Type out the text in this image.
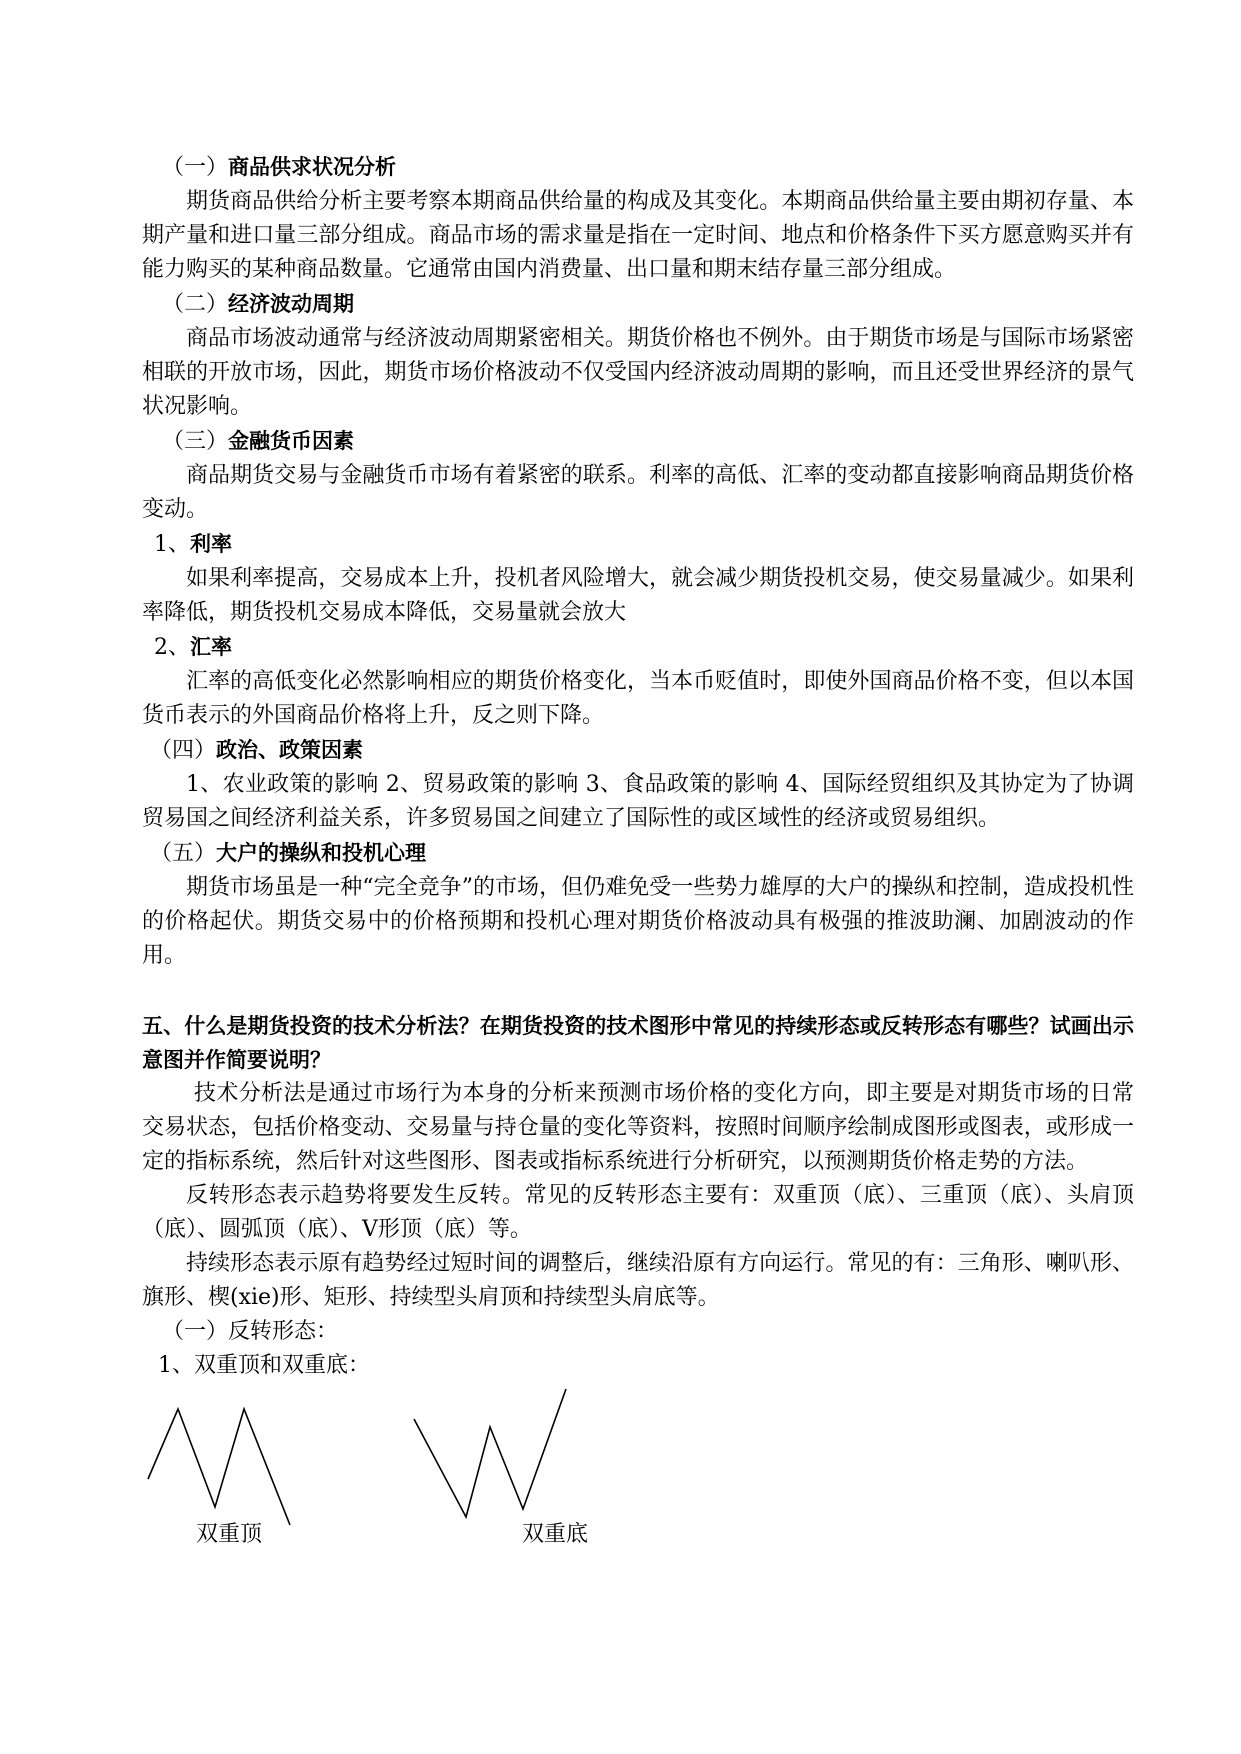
（一）商品供求状况分析

期货商品供给分析主要考察本期商品供给量的构成及其变化。本期商品供给量主要由期初存量、本期产量和进口量三部分组成。商品市场的需求量是指在一定时间、地点和价格条件下买方愿意购买并有能力购买的某种商品数量。它通常由国内消费量、出口量和期末结存量三部分组成。

（二）经济波动周期

商品市场波动通常与经济波动周期紧密相关。期货价格也不例外。由于期货市场是与国际市场紧密相联的开放市场，因此，期货市场价格波动不仅受国内经济波动周期的影响，而且还受世界经济的景气状况影响。

（三）金融货币因素

商品期货交易与金融货币市场有着紧密的联系。利率的高低、汇率的变动都直接影响商品期货价格变动。

1、利率

如果利率提高，交易成本上升，投机者风险增大，就会减少期货投机交易，使交易量减少。如果利率降低，期货投机交易成本降低，交易量就会放大

2、汇率

汇率的高低变化必然影响相应的期货价格变化，当本币贬值时，即使外国商品价格不变，但以本国货币表示的外国商品价格将上升，反之则下降。

（四）政治、政策因素

1、农业政策的影响 2、贸易政策的影响 3、食品政策的影响 4、国际经贸组织及其协定为了协调贸易国之间经济利益关系，许多贸易国之间建立了国际性的或区域性的经济或贸易组织。

（五）大户的操纵和投机心理

期货市场虽是一种“完全竞争”的市场，但仍难免受一些势力雄厚的大户的操纵和控制，造成投机性的价格起伏。期货交易中的价格预期和投机心理对期货价格波动具有极强的推波助澜、加剧波动的作用。

五、什么是期货投资的技术分析法？在期货投资的技术图形中常见的持续形态或反转形态有哪些？试画出示意图并作简要说明？

技术分析法是通过市场行为本身的分析来预测市场价格的变化方向，即主要是对期货市场的日常交易状态，包括价格变动、交易量与持仓量的变化等资料，按照时间顺序绘制成图形或图表，或形成一定的指标系统，然后针对这些图形、图表或指标系统进行分析研究，以预测期货价格走势的方法。

反转形态表示趋势将要发生反转。常见的反转形态主要有：双重顶（底）、三重顶（底）、头肩顶（底）、圆弧顶（底）、V形顶（底）等。

持续形态表示原有趋势经过短时间的调整后，继续沿原有方向运行。常见的有：三角形、喇叭形、旗形、楔(xie)形、矩形、持续型头肩顶和持续型头肩底等。

（一）反转形态：
1、双重顶和双重底：
双重顶	双重底
